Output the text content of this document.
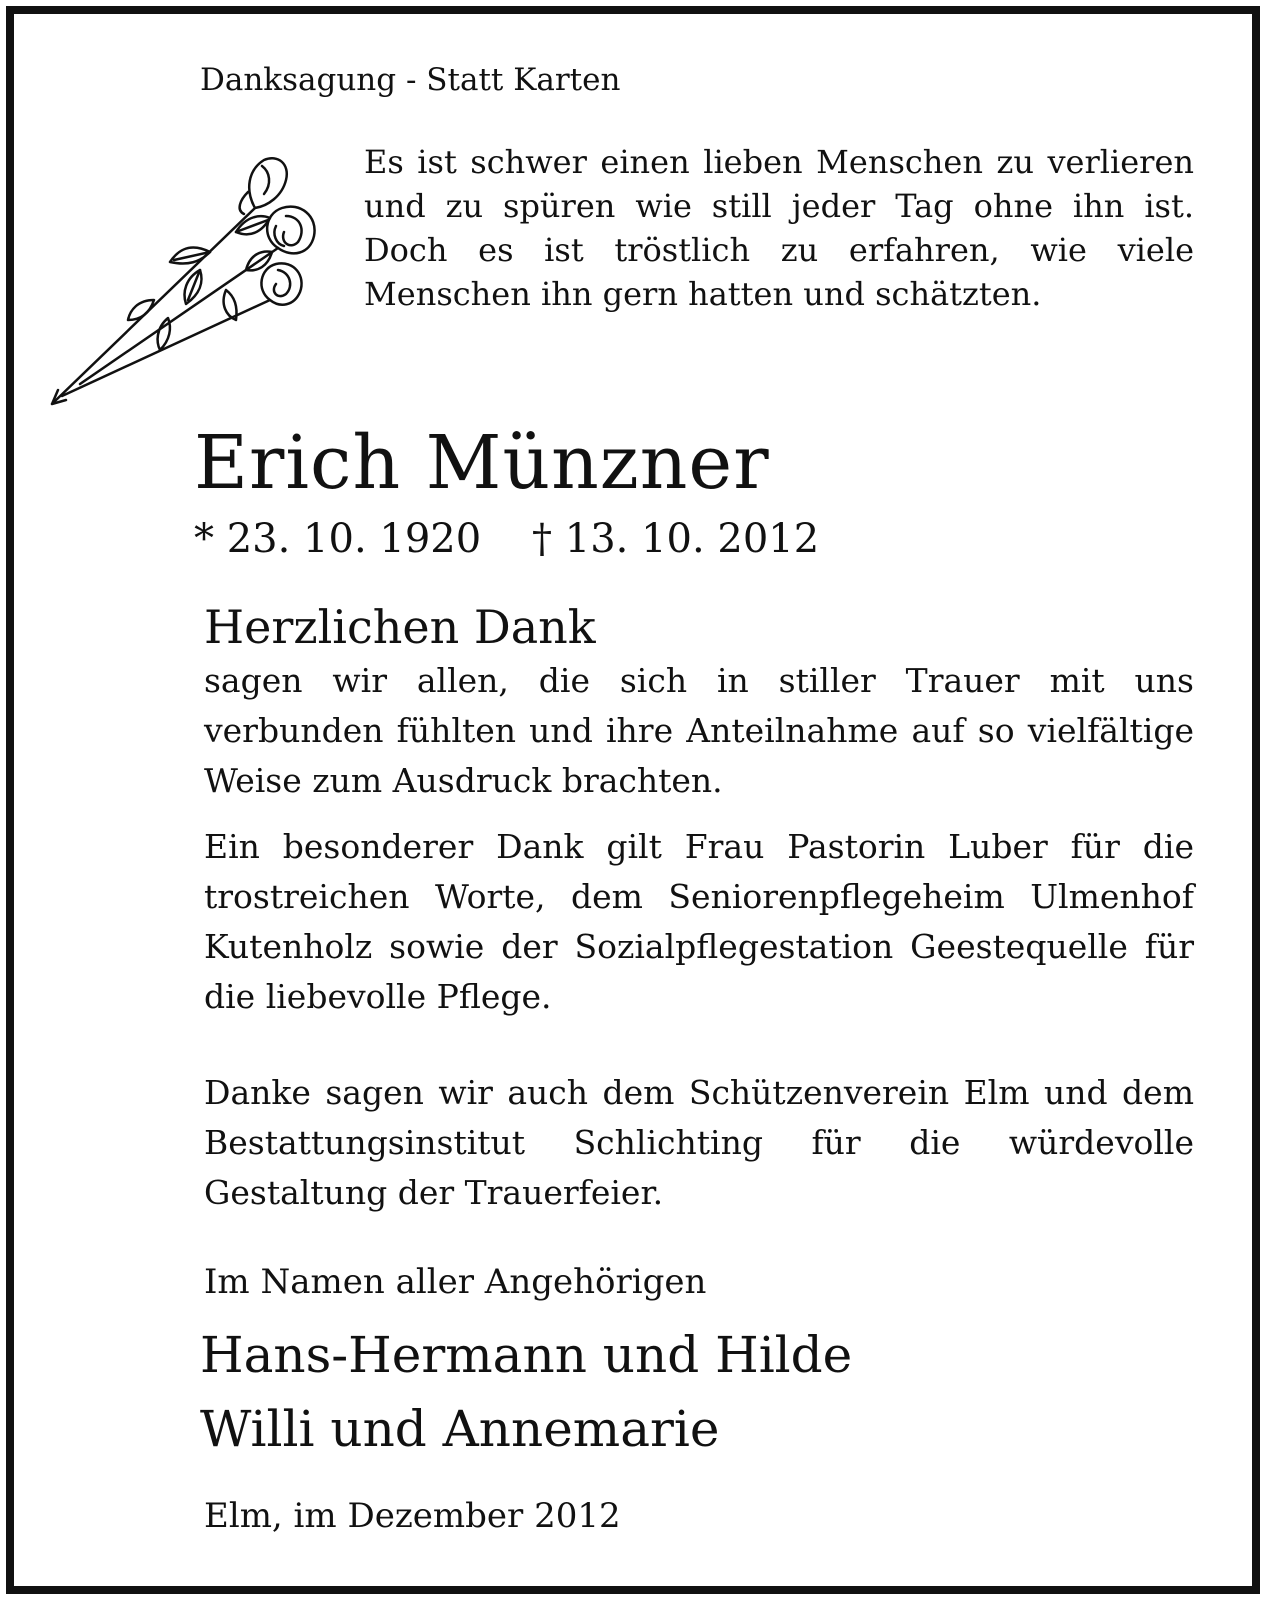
Danksagung - Statt Karten

Es ist schwer einen lieben Menschen zu verlieren und zu spüren wie still jeder Tag ohne ihn ist. Doch es ist tröstlich zu erfahren, wie viele Menschen ihn gern hatten und schätzten.

Erich Münzner

* 23. 10. 1920    † 13. 10. 2012

Herzlichen Dank

sagen wir allen, die sich in stiller Trauer mit uns verbunden fühlten und ihre Anteilnahme auf so vielfältige Weise zum Ausdruck brachten.

Ein besonderer Dank gilt Frau Pastorin Luber für die trostreichen Worte, dem Seniorenpflegeheim Ulmenhof Kutenholz sowie der Sozialpflegestation Geestequelle für die liebevolle Pflege.

Danke sagen wir auch dem Schützenverein Elm und dem Bestattungsinstitut Schlichting für die würdevolle Gestaltung der Trauerfeier.

Im Namen aller Angehörigen

Hans-Hermann und Hilde

Willi und Annemarie

Elm, im Dezember 2012
